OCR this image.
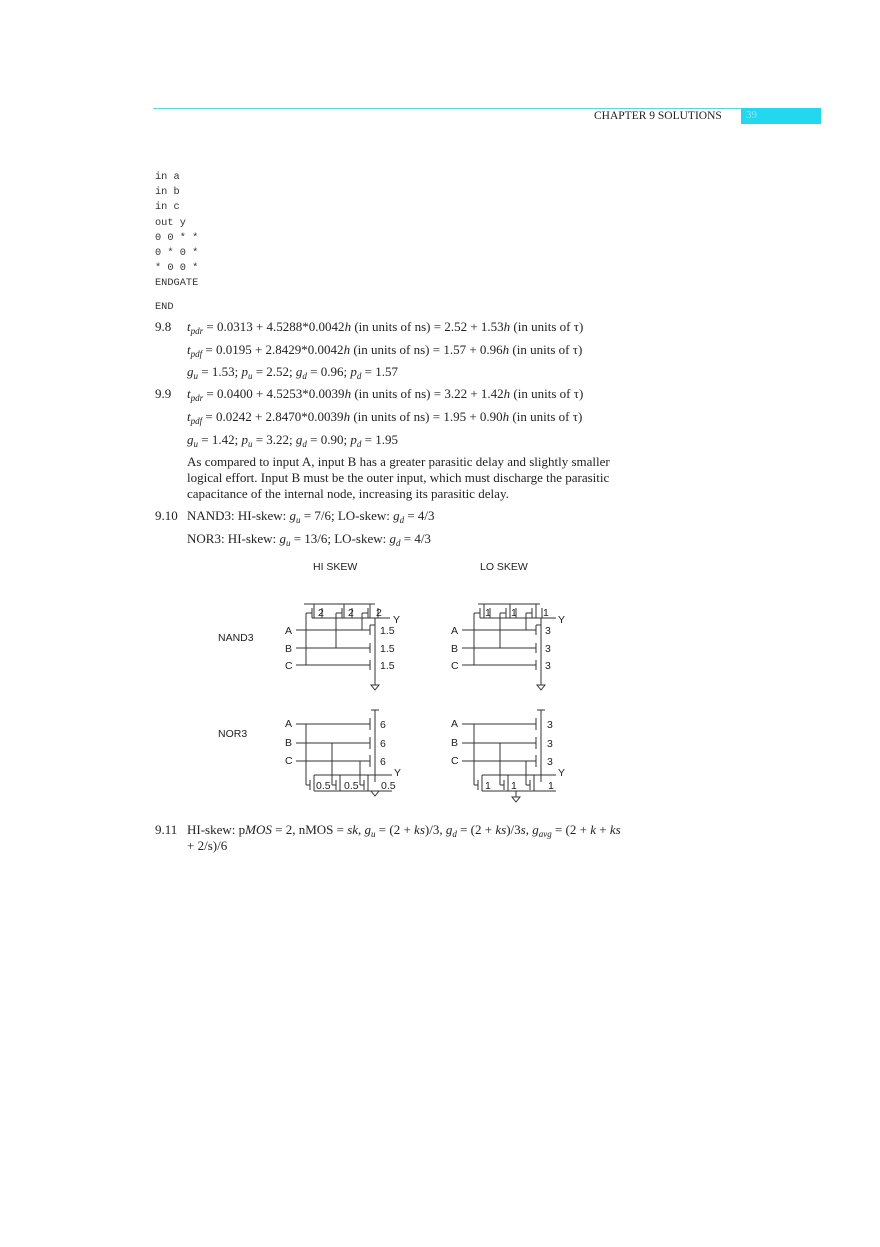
CHAPTER 9 SOLUTIONS 39
in a
in b
in c
out y
0 0 * *
0 * 0 *
* 0 0 *
ENDGATE
END
9.8 $t_{pdr} = 0.0313 + 4.5288*0.0042h$ (in units of ns) = 2.52 + 1.53h (in units of τ)
$t_{pdf} = 0.0195 + 2.8429*0.0042h$ (in units of ns) = 1.57 + 0.96h (in units of τ)
$g_u = 1.53$; $p_u = 2.52$; $g_d = 0.96$; $p_d = 1.57$
9.9 $t_{pdr} = 0.0400 + 4.5253*0.0039h$ (in units of ns) = 3.22 + 1.42h (in units of τ)
$t_{pdf} = 0.0242 + 2.8470*0.0039h$ (in units of ns) = 1.95 + 0.90h (in units of τ)
$g_u = 1.42$; $p_u = 3.22$; $g_d = 0.90$; $p_d = 1.95$
As compared to input A, input B has a greater parasitic delay and slightly smaller logical effort. Input B must be the outer input, which must discharge the parasitic capacitance of the internal node, increasing its parasitic delay.
9.10 NAND3: HI-skew: $g_u = 7/6$; LO-skew: $g_d = 4/3$
NOR3: HI-skew: $g_u = 13/6$; LO-skew: $g_d = 4/3$
HI SKEW	LO SKEW
NAND3
NOR3
A
B
C
Y
2 2 2
1.5
1.5
1.5
A
B
C
Y
1 1 1
3
3
3
A
B
C
Y
6
6
6
0.5 0.5 0.5
A
B
C
Y
3
3
3
1 1	1
9.11 HI-skew: pMOS = 2, nMOS = sk, $g_u = (2 + ks)/3$, $g_d = (2 + ks)/3s$, $g_{avg} = (2 + k$ + ks
+ 2/s)/6
